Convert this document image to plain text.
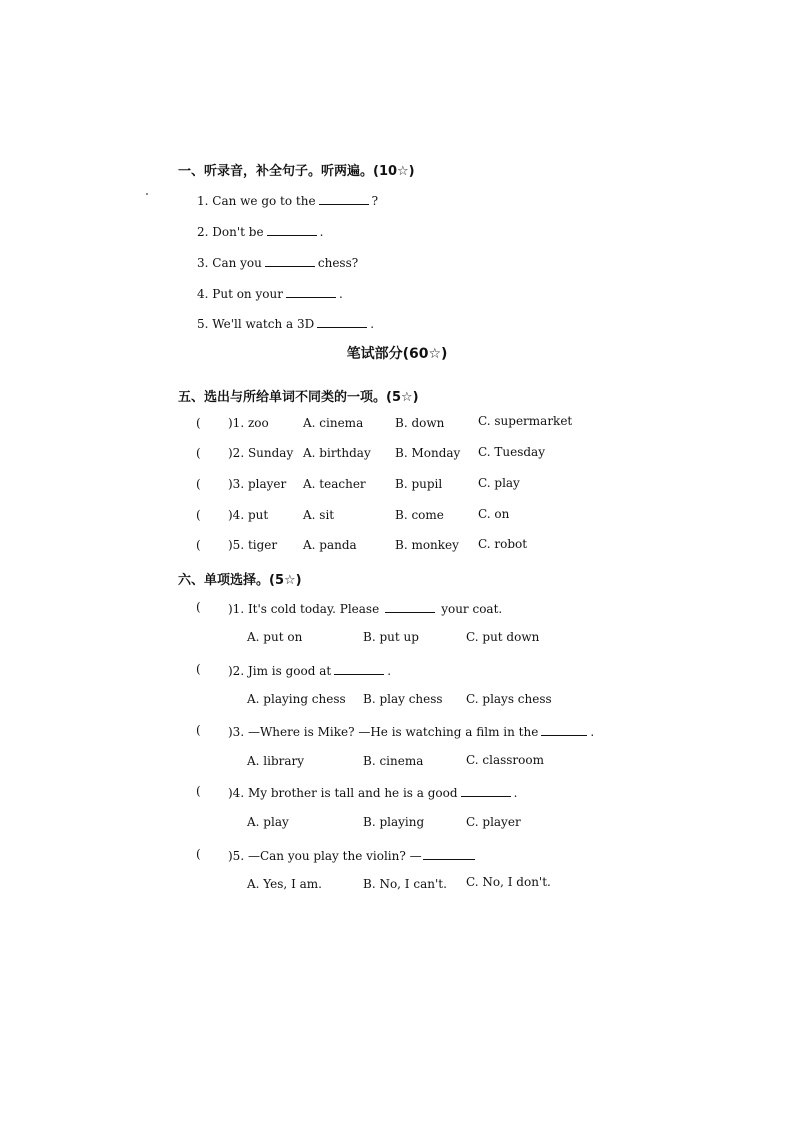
一、听录音，补全句子。听两遍。(10☆)
1. Can we go to the	?
2. Don't be	.
3. Can you	chess?
4. Put on your	.
5. We'll watch a 3D	.
笔试部分(60☆)
五、选出与所给单词不同类的一项。(5☆)
( )1. zoo	A. cinema	B. down	C. supermarket
( )2. Sunday A. birthday B. Monday C. Tuesday
( )3. player A. teacher B. pupil	C. play
( )4. put	A. sit	B. come	C. on
( )5. tiger A. panda	B. monkey C. robot
六、单项选择。(5☆)
( )1. It's cold today. Please	your coat.
A. put on	B. put up	C. put down
( )2. Jim is good at	.
A. playing chess B. play chess C. plays chess
( )3. —Where is Mike? —He is watching a film in the	.
A. library	B. cinema	C. classroom
( )4. My brother is tall and he is a good	.
A. play	B. playing	C. player
( )5. —Can you play the violin? —
A. Yes, I am.	B. No, I can't. C. No, I don't.
